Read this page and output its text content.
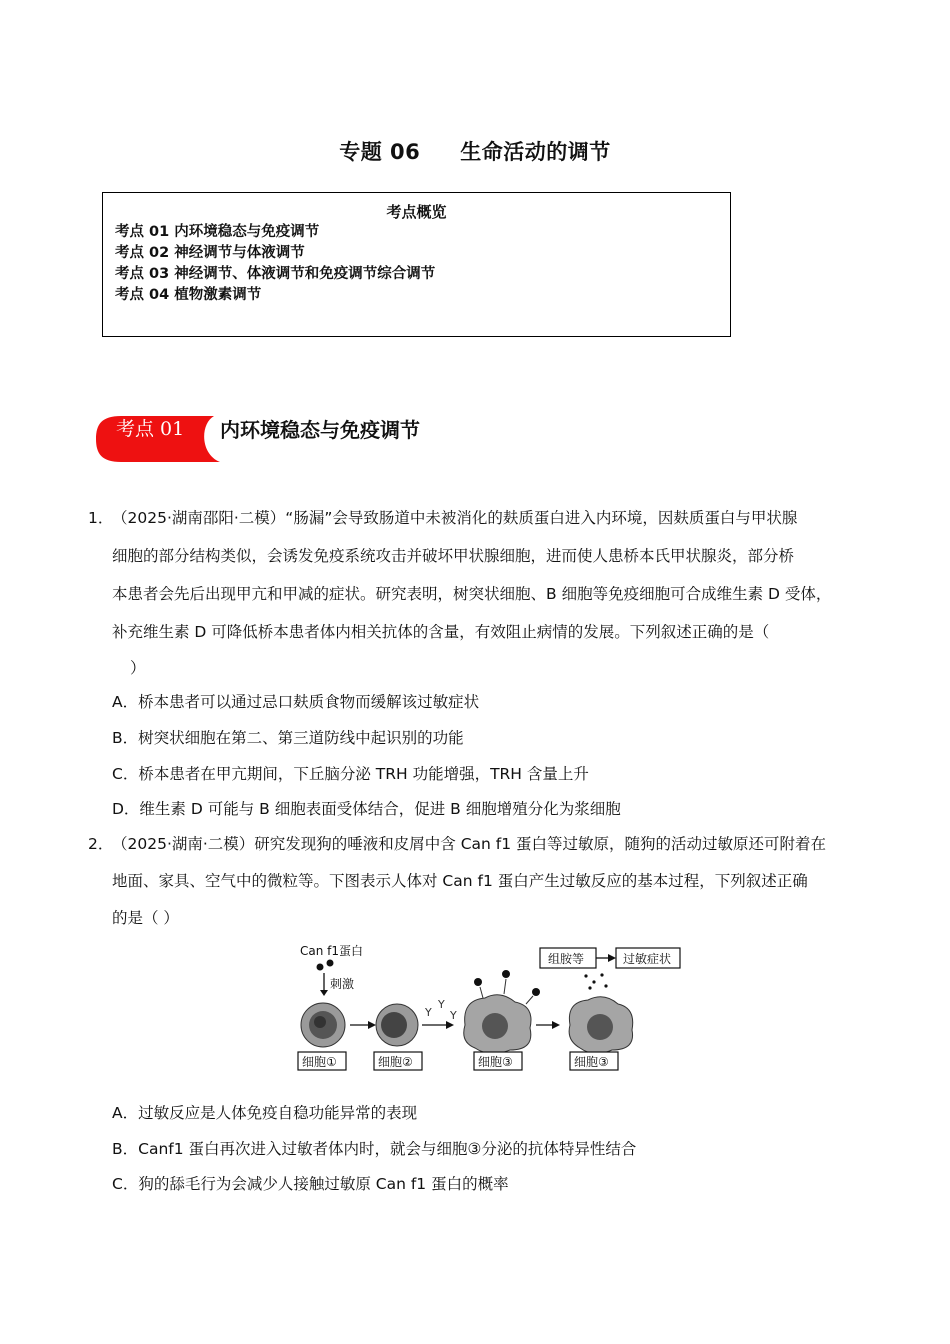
专题 06 生命活动的调节
考点概览
考点 01 内环境稳态与免疫调节
考点 02 神经调节与体液调节
考点 03 神经调节、体液调节和免疫调节综合调节
考点 04 植物激素调节
考点 01 内环境稳态与免疫调节
1．
（2025·湖南邵阳·二模）“肠漏”会导致肠道中未被消化的麸质蛋白进入内环境，因麸质蛋白与甲状腺
细胞的部分结构类似，会诱发免疫系统攻击并破坏甲状腺细胞，进而使人患桥本氏甲状腺炎，部分桥
本患者会先后出现甲亢和甲减的症状。研究表明，树突状细胞、B 细胞等免疫细胞可合成维生素 D 受体，
补充维生素 D 可降低桥本患者体内相关抗体的含量，有效阻止病情的发展。下列叙述正确的是（
）
A．桥本患者可以通过忌口麸质食物而缓解该过敏症状
B．树突状细胞在第二、第三道防线中起识别的功能
C．桥本患者在甲亢期间，下丘脑分泌 TRH 功能增强，TRH 含量上升
D．维生素 D 可能与 B 细胞表面受体结合，促进 B 细胞增殖分化为浆细胞
2．
（2025·湖南·二模）研究发现狗的唾液和皮屑中含 Can f1 蛋白等过敏原，随狗的活动过敏原还可附着在
地面、家具、空气中的微粒等。下图表示人体对 Can f1 蛋白产生过敏反应的基本过程，下列叙述正确
的是（ ）
Can f1蛋白
刺激
Y
Y
Y
组胺等	过敏症状
细胞①	细胞②	细胞③	细胞③
A．过敏反应是人体免疫自稳功能异常的表现
B．Canf1 蛋白再次进入过敏者体内时，就会与细胞③分泌的抗体特异性结合
C．狗的舔毛行为会减少人接触过敏原 Can f1 蛋白的概率
